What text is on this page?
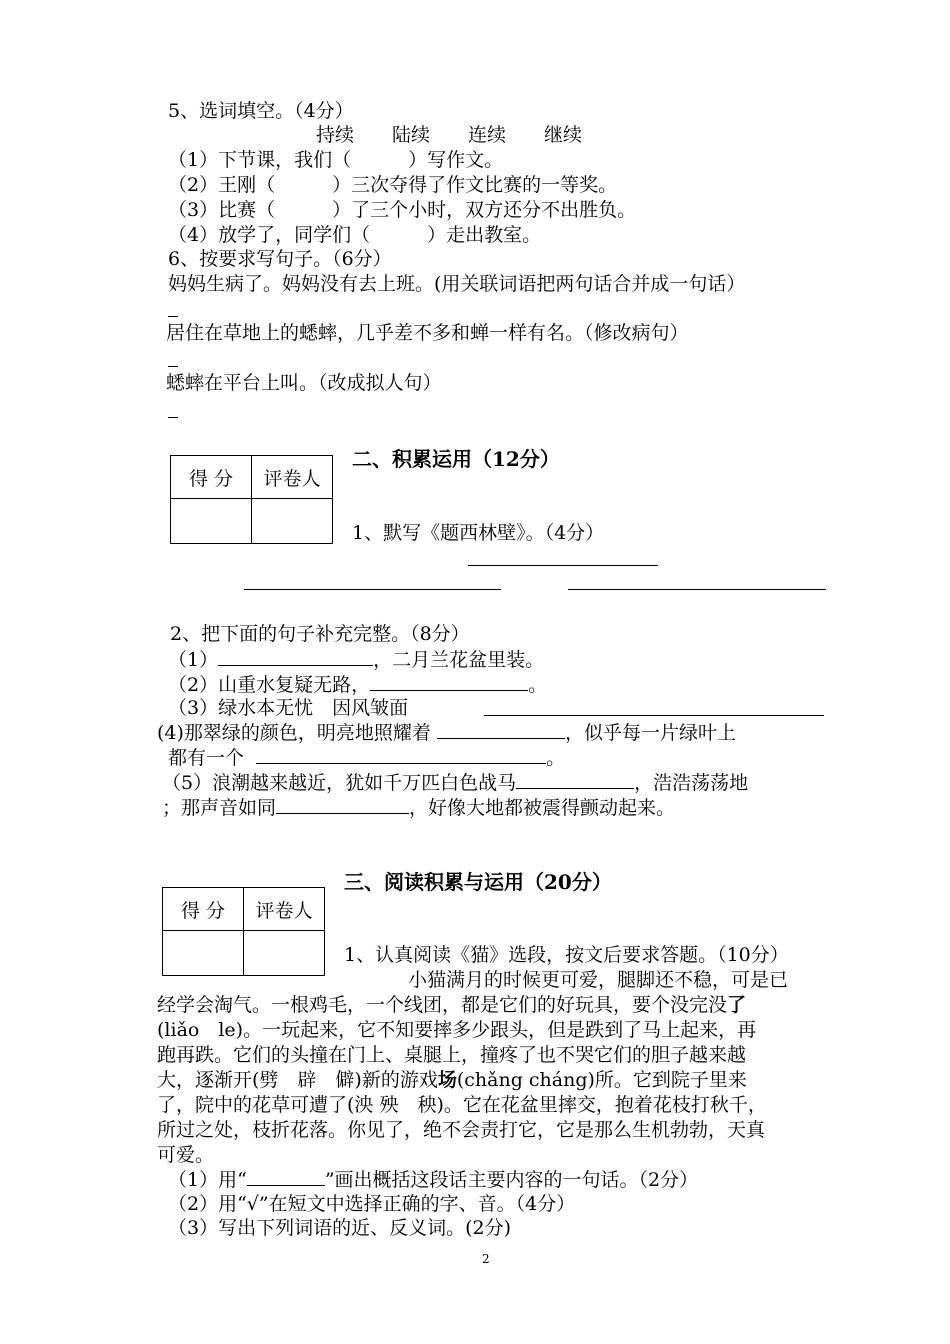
5、选词填空。（4分）
持续　　陆续　　连续　　继续
（1）下节课，我们（　　　）写作文。
（2）王刚（　　　）三次夺得了作文比赛的一等奖。
（3）比赛（　　　）了三个小时，双方还分不出胜负。
（4）放学了，同学们（　　　）走出教室。
6、按要求写句子。（6分）
妈妈生病了。妈妈没有去上班。(用关联词语把两句话合并成一句话）
居住在草地上的蟋蟀，几乎差不多和蝉一样有名。（修改病句）
蟋蟀在平台上叫。（改成拟人句）
得 分	评卷人

二、积累运用（12分）
1、默写《题西林壁》。（4分）
2、把下面的句子补充完整。（8分）
（1）	，二月兰花盆里装。
（2）山重水复疑无路，	。
（3）绿水本无忧　因风皱面
(4)那翠绿的颜色，明亮地照耀着	，似乎每一片绿叶上
都有一个	。
（5）浪潮越来越近，犹如千万匹白色战马	，浩浩荡荡地
；那声音如同	，好像大地都被震得颤动起来。
得 分	评卷人

三、阅读积累与运用（20分）
1、认真阅读《猫》选段，按文后要求答题。（10分）
小猫满月的时候更可爱，腿脚还不稳，可是已
经学会淘气。一根鸡毛，一个线团，都是它们的好玩具，要个没完没了
(liǎo　le)。一玩起来，它不知要摔多少跟头，但是跌到了马上起来，再
跑再跌。它们的头撞在门上、桌腿上，撞疼了也不哭它们的胆子越来越
大，逐渐开(劈　辟　僻)新的游戏场(chǎng cháng)所。它到院子里来
了，院中的花草可遭了(泱 殃　秧)。它在花盆里摔交，抱着花枝打秋千，
所过之处，枝折花落。你见了，绝不会责打它，它是那么生机勃勃，天真
可爱。
（1）用“	”画出概括这段话主要内容的一句话。（2分）
（2）用“√”在短文中选择正确的字、音。（4分）
（3）写出下列词语的近、反义词。(2分)
2
